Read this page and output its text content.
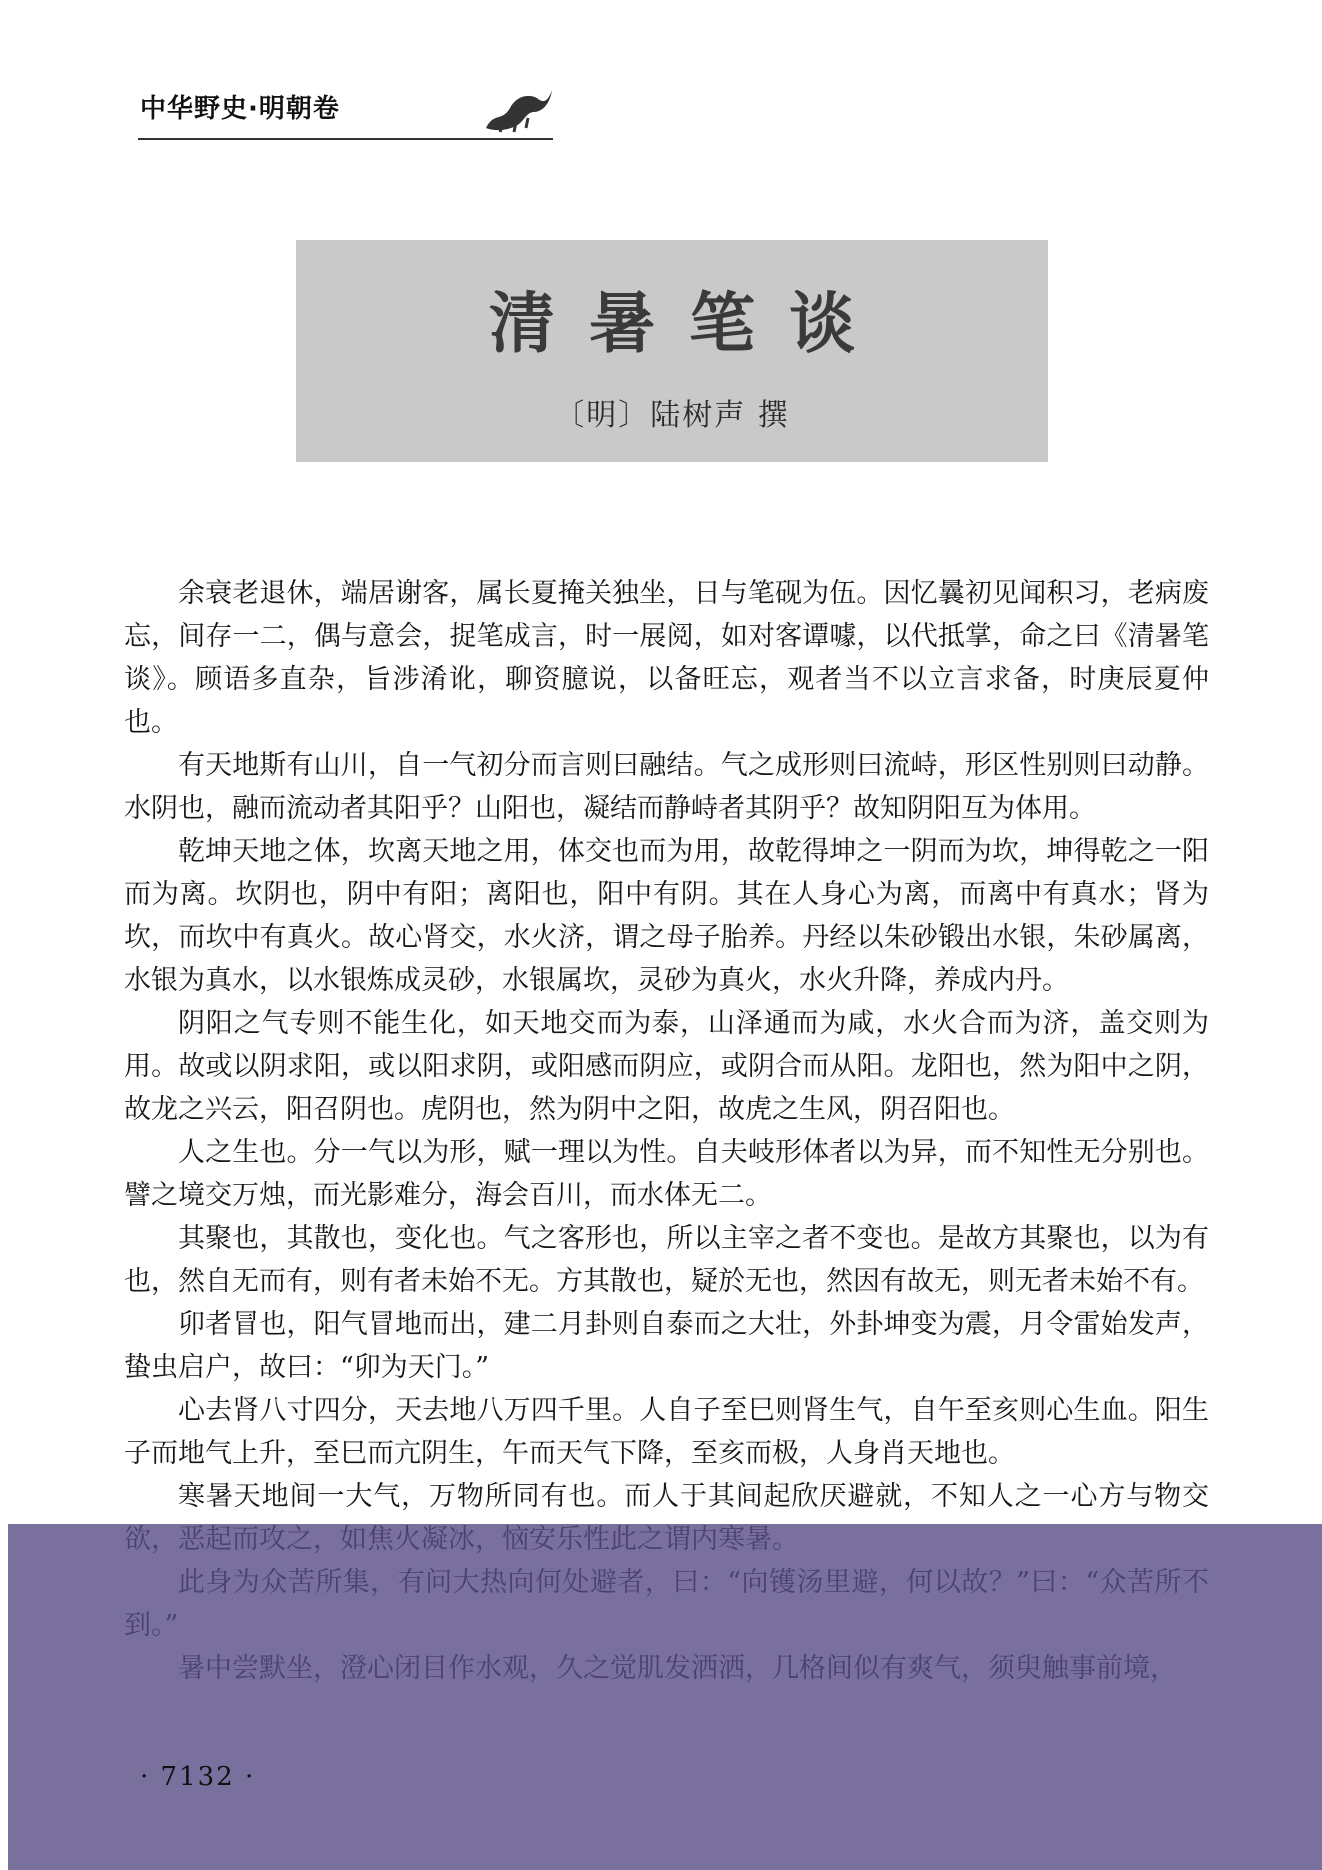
中华野史·明朝卷
清暑笔谈
〔明〕陆树声 撰

余衰老退休，端居谢客，属长夏掩关独坐，日与笔砚为伍。因忆曩初见闻积习，老病废忘，间存一二，偶与意会，捉笔成言，时一展阅，如对客谭噱，以代抵掌，命之曰《清暑笔谈》。顾语多直杂，旨涉淆讹，聊资臆说，以备旺忘，观者当不以立言求备，时庚辰夏仲也。

有天地斯有山川，自一气初分而言则曰融结。气之成形则曰流峙，形区性别则曰动静。水阴也，融而流动者其阳乎？山阳也，凝结而静峙者其阴乎？故知阴阳互为体用。

乾坤天地之体，坎离天地之用，体交也而为用，故乾得坤之一阴而为坎，坤得乾之一阳而为离。坎阴也，阴中有阳；离阳也，阳中有阴。其在人身心为离，而离中有真水；肾为坎，而坎中有真火。故心肾交，水火济，谓之母子胎养。丹经以朱砂锻出水银，朱砂属离，水银为真水，以水银炼成灵砂，水银属坎，灵砂为真火，水火升降，养成内丹。

阴阳之气专则不能生化，如天地交而为泰，山泽通而为咸，水火合而为济，盖交则为用。故或以阴求阳，或以阳求阴，或阳感而阴应，或阴合而从阳。龙阳也，然为阳中之阴，故龙之兴云，阳召阴也。虎阴也，然为阴中之阳，故虎之生风，阴召阳也。

人之生也。分一气以为形，赋一理以为性。自夫岐形体者以为异，而不知性无分别也。譬之境交万烛，而光影难分，海会百川，而水体无二。

其聚也，其散也，变化也。气之客形也，所以主宰之者不变也。是故方其聚也，以为有也，然自无而有，则有者未始不无。方其散也，疑於无也，然因有故无，则无者未始不有。

卯者冒也，阳气冒地而出，建二月卦则自泰而之大壮，外卦坤变为震，月令雷始发声，蛰虫启户，故曰：“卯为天门。”

心去肾八寸四分，天去地八万四千里。人自子至巳则肾生气，自午至亥则心生血。阳生子而地气上升，至巳而亢阴生，午而天气下降，至亥而极，人身肖天地也。

寒暑天地间一大气，万物所同有也。而人于其间起欣厌避就，不知人之一心方与物交

· 7132 ·
